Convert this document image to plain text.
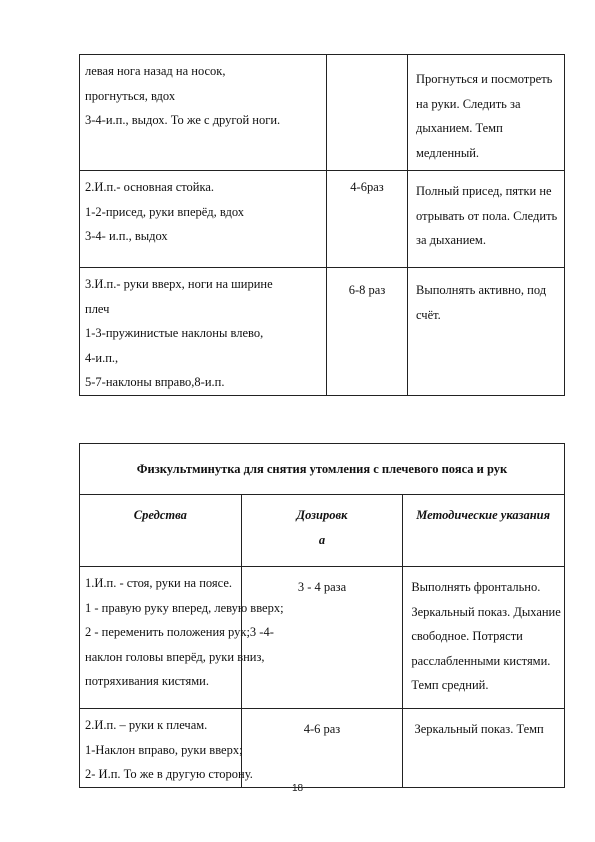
левая нога назад на носок,
прогнуться, вдох
3-4-и.п., выдох. То же с другой ноги.		Прогнуться и посмотреть
на руки. Следить за
дыханием. Темп
медленный.

2.И.п.- основная стойка.
1-2-присед, руки вперёд, вдох
3-4- и.п., выдох	4-6раз	Полный присед, пятки не
отрывать от пола. Следить
за дыханием.

3.И.п.- руки вверх, ноги на ширине
плеч
1-3-пружинистые наклоны влево,
4-и.п.,
5-7-наклоны вправо,8-и.п.	6-8 раз	Выполнять активно, под
счёт.
Физкультминутка для снятия утомления с плечевого пояса и рук		

Средства	Дозировк
а	Методические указания

1.И.п. - стоя, руки на поясе.
1 - правую руку вперед, левую вверх;
2 - переменить положения рук;3 -4-
наклон головы вперёд, руки вниз,
потряхивания кистями.	3 - 4 раза	Выполнять фронтально.
Зеркальный показ. Дыхание
свободное. Потрясти
расслабленными кистями.
Темп средний.

2.И.п. – руки к плечам.
1-Наклон вправо, руки вверх;
2- И.п. То же в другую сторону.	4-6 раз	Зеркальный показ. Темп
18
